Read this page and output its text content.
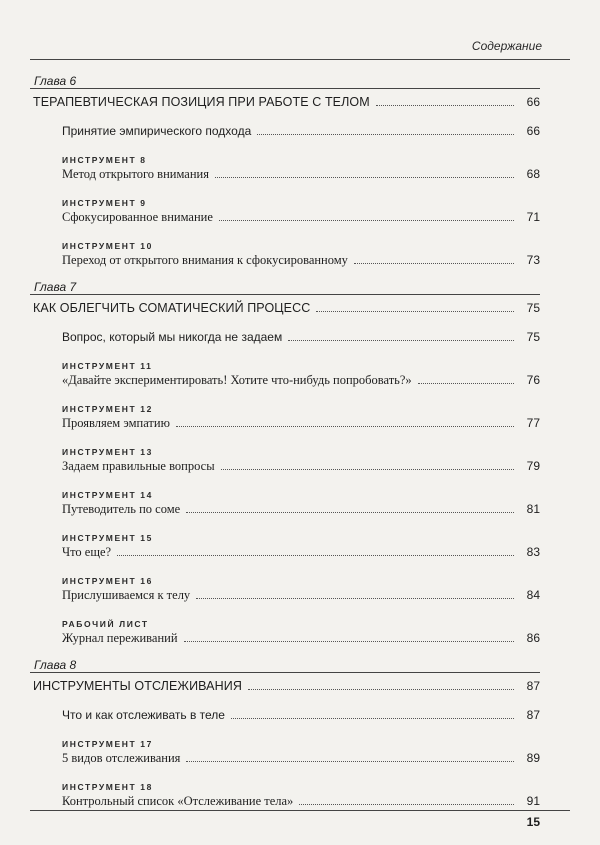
Содержание
Глава 6
ТЕРАПЕВТИЧЕСКАЯ ПОЗИЦИЯ ПРИ РАБОТЕ С ТЕЛОМ	66
Принятие эмпирического подхода	66
ИНСТРУМЕНТ 8
Метод открытого внимания	68
ИНСТРУМЕНТ 9
Сфокусированное внимание	71
ИНСТРУМЕНТ 10
Переход от открытого внимания к сфокусированному	73
Глава 7
КАК ОБЛЕГЧИТЬ СОМАТИЧЕСКИЙ ПРОЦЕСС	75
Вопрос, который мы никогда не задаем	75
ИНСТРУМЕНТ 11
«Давайте экспериментировать! Хотите что-нибудь попробовать?»	76
ИНСТРУМЕНТ 12
Проявляем эмпатию	77
ИНСТРУМЕНТ 13
Задаем правильные вопросы	79
ИНСТРУМЕНТ 14
Путеводитель по соме	81
ИНСТРУМЕНТ 15
Что еще?	83
ИНСТРУМЕНТ 16
Прислушиваемся к телу	84
РАБОЧИЙ ЛИСТ
Журнал переживаний	86
Глава 8
ИНСТРУМЕНТЫ ОТСЛЕЖИВАНИЯ	87
Что и как отслеживать в теле	87
ИНСТРУМЕНТ 17
5 видов отслеживания	89
ИНСТРУМЕНТ 18
Контрольный список «Отслеживание тела»	91
15
